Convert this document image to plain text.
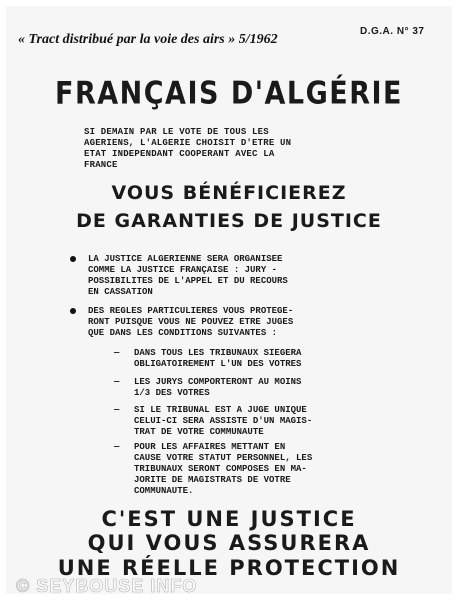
« Tract distribué par la voie des airs » 5/1962
D.G.A. N° 37
FRANÇAIS D'ALGÉRIE
SI DEMAIN PAR LE VOTE DE TOUS LES
AGERIENS, L'ALGERIE CHOISIT D'ETRE UN
ETAT INDEPENDANT COOPERANT AVEC LA
FRANCE
VOUS BÉNÉFICIEREZ
DE GARANTIES DE JUSTICE
LA JUSTICE ALGERIENNE SERA ORGANISEE
COMME LA JUSTICE FRANÇAISE : JURY -
POSSIBILITES DE L'APPEL ET DU RECOURS
EN CASSATION
DES REGLES PARTICULIERES VOUS PROTEGE-
RONT PUISQUE VOUS NE POUVEZ ETRE JUGES
QUE DANS LES CONDITIONS SUIVANTES :
— DANS TOUS LES TRIBUNAUX SIEGERA
OBLIGATOIREMENT L'UN DES VOTRES
— LES JURYS COMPORTERONT AU MOINS
1/3 DES VOTRES
— SI LE TRIBUNAL EST A JUGE UNIQUE
CELUI-CI SERA ASSISTE D'UN MAGIS-
TRAT DE VOTRE COMMUNAUTE
— POUR LES AFFAIRES METTANT EN
CAUSE VOTRE STATUT PERSONNEL, LES
TRIBUNAUX SERONT COMPOSES EN MA-
JORITE DE MAGISTRATS DE VOTRE
COMMUNAUTE.
C'EST UNE JUSTICE
QUI VOUS ASSURERA
UNE RÉELLE PROTECTION
© SEYBOUSE INFO
